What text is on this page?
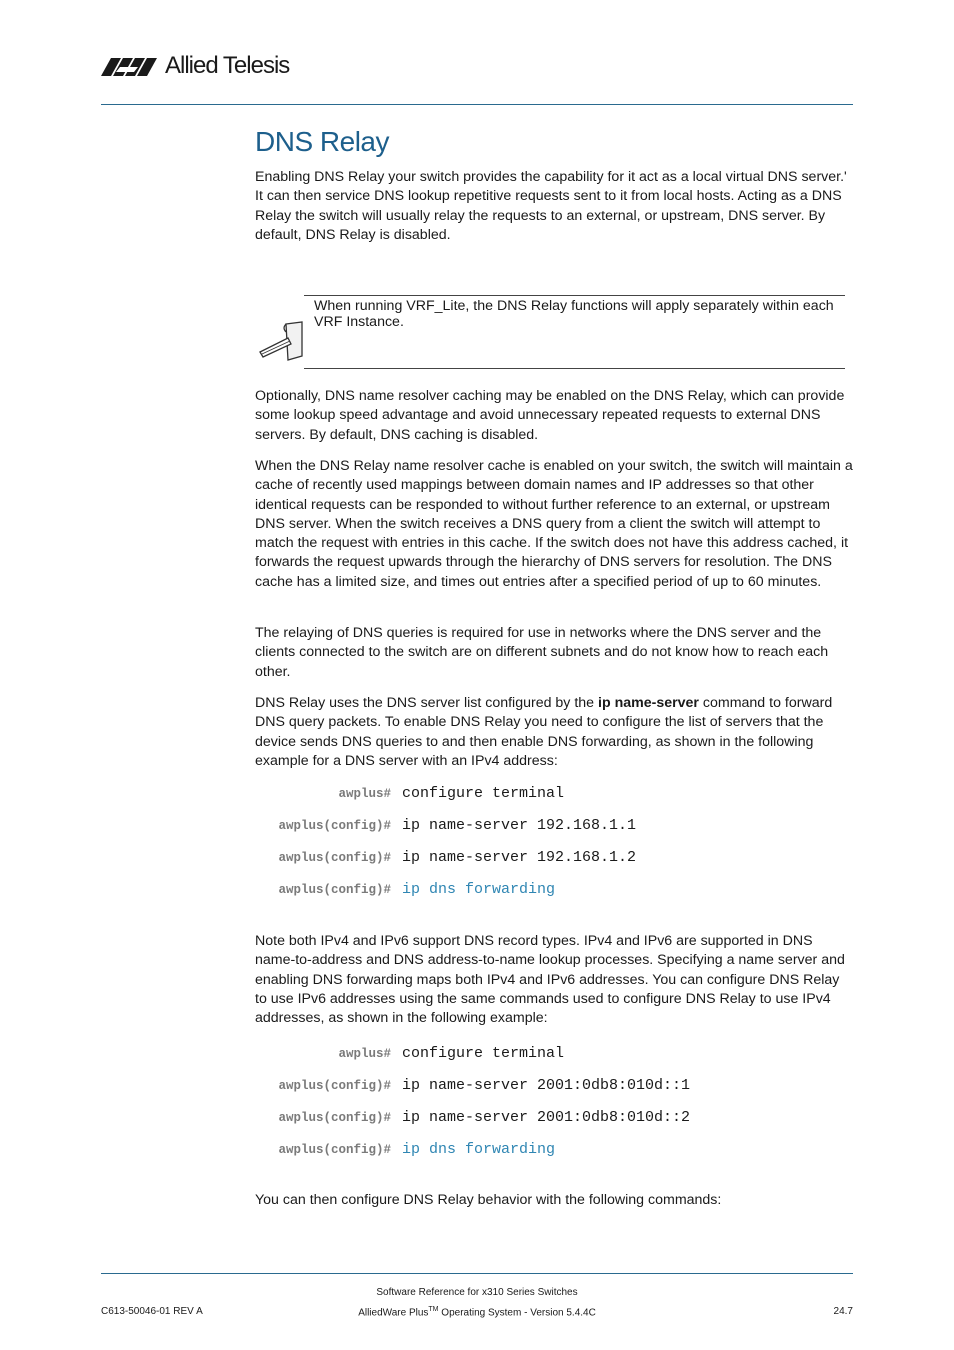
Allied Telesis
DNS Relay
Enabling DNS Relay your switch provides the capability for it act as a local virtual DNS server.' It can then service DNS lookup repetitive requests sent to it from local hosts. Acting as a DNS Relay the switch will usually relay the requests to an external, or upstream, DNS server. By default, DNS Relay is disabled.
When running VRF_Lite, the DNS Relay functions will apply separately within each VRF Instance.
Optionally, DNS name resolver caching may be enabled on the DNS Relay, which can provide some lookup speed advantage and avoid unnecessary repeated requests to external DNS servers. By default, DNS caching is disabled.
When the DNS Relay name resolver cache is enabled on your switch, the switch will maintain a cache of recently used mappings between domain names and IP addresses so that other identical requests can be responded to without further reference to an external, or upstream DNS server. When the switch receives a DNS query from a client the switch will attempt to match the request with entries in this cache. If the switch does not have this address cached, it forwards the request upwards through the hierarchy of DNS servers for resolution. The DNS cache has a limited size, and times out entries after a specified period of up to 60 minutes.
The relaying of DNS queries is required for use in networks where the DNS server and the clients connected to the switch are on different subnets and do not know how to reach each other.
DNS Relay uses the DNS server list configured by the ip name-server command to forward DNS query packets. To enable DNS Relay you need to configure the list of servers that the device sends DNS queries to and then enable DNS forwarding, as shown in the following example for a DNS server with an IPv4 address:
awplus# configure terminal
awplus(config)# ip name-server 192.168.1.1
awplus(config)# ip name-server 192.168.1.2
awplus(config)# ip dns forwarding
Note both IPv4 and IPv6 support DNS record types. IPv4 and IPv6 are supported in DNS name-to-address and DNS address-to-name lookup processes. Specifying a name server and enabling DNS forwarding maps both IPv4 and IPv6 addresses. You can configure DNS Relay to use IPv6 addresses using the same commands used to configure DNS Relay to use IPv4 addresses, as shown in the following example:
awplus# configure terminal
awplus(config)# ip name-server 2001:0db8:010d::1
awplus(config)# ip name-server 2001:0db8:010d::2
awplus(config)# ip dns forwarding
You can then configure DNS Relay behavior with the following commands:
Software Reference for x310 Series Switches
C613-50046-01 REV A	AlliedWare Plus™ Operating System - Version 5.4.4C	24.7
